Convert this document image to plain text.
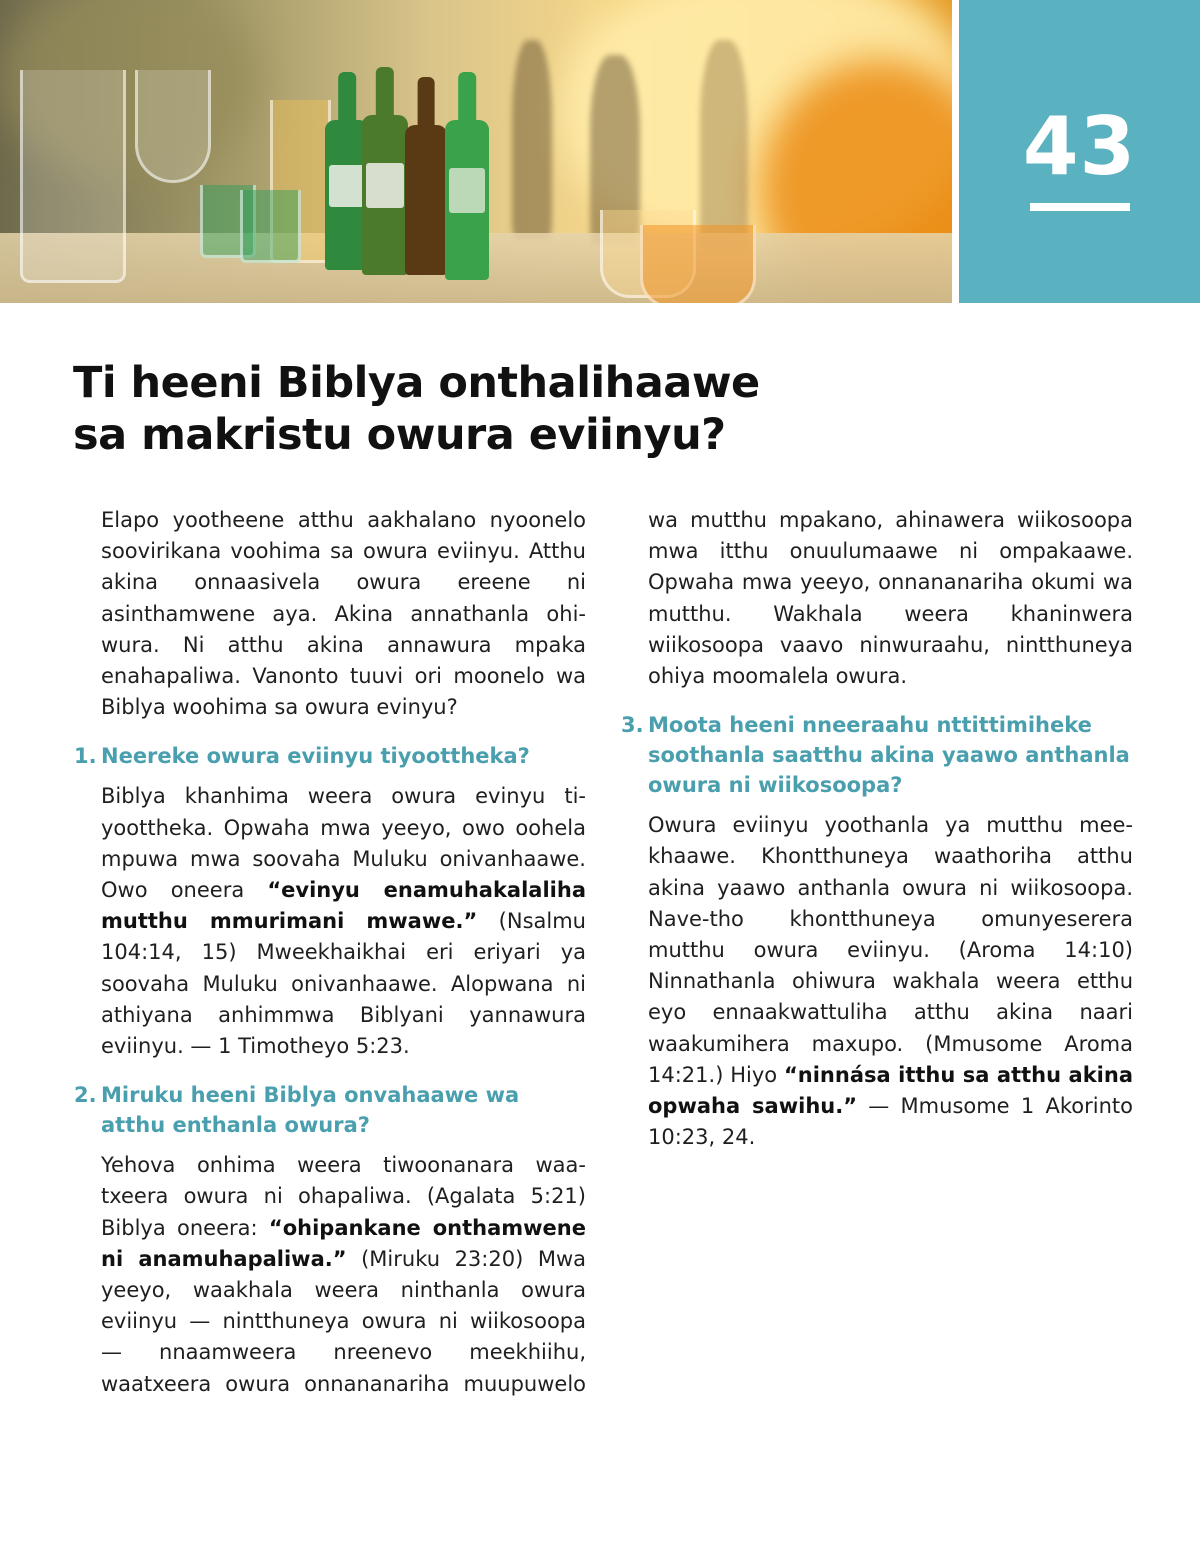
43
Ti heeni Biblya onthalihaawe
sa makristu owura eviinyu?

Elapo yootheene atthu aakhalano nyoonelo soovirikana voohima sa owura eviinyu. Atthu akina onnaasivela owura ereene ni asinthamwene aya. Akina annathanla ohiwura. Ni atthu akina annawura mpaka enahapaliwa. Vanonto tuuvi ori moonelo wa Biblya woohima sa owura evinyu?

1. Neereke owura eviinyu tiyoottheka?

Biblya khanhima weera owura evinyu tiyoottheka. Opwaha mwa yeeyo, owo oohela mpuwa mwa soovaha Muluku onivanhaawe. Owo oneera “evinyu enamuhakalaliha mutthu mmurimani mwawe.” (Nsalmu 104:14, 15) Mweekhaikhai eri eriyari ya soovaha Muluku onivanhaawe. Alopwana ni athiyana anhimmwa Biblyani yannawura eviinyu. — 1 Timotheyo 5:23.

2. Miruku heeni Biblya onvahaawe wa atthu enthanla owura?

Yehova onhima weera tiwoonanara waatxeera owura ni ohapaliwa. (Agalata 5:21) Biblya oneera: “ohipankane onthamwene ni anamuhapaliwa.” (Miruku 23:20) Mwa yeeyo, waakhala weera ninthanla owura eviinyu — nintthuneya owura ni wiikosoopa — nnaamweera nreenevo meekhiihu, waatxeera owura onnananariha muupuwelo wa mutthu mpakano, ahinawera wiikosoopa mwa itthu onuulumaawe ni ompakaawe. Opwaha mwa yeeyo, onnananariha okumi wa mutthu. Wakhala weera khaninwera wiikosoopa vaavo ninwuraahu, nintthuneya ohiya moomalela owura.

3. Moota heeni nneeraahu nttittimiheke soothanla saatthu akina yaawo anthanla owura ni wiikosoopa?

Owura eviinyu yoothanla ya mutthu meekhaawe. Khontthuneya waathoriha atthu akina yaawo anthanla owura ni wiikosoopa. Nave-tho khontthuneya omunyeserera mutthu owura eviinyu. (Aroma 14:10) Ninnathanla ohiwura wakhala weera etthu eyo ennaakwattuliha atthu akina naari waakumihera maxupo. (Mmusome Aroma 14:21.) Hiyo “ninnása itthu sa atthu akina opwaha sawihu.” — Mmusome 1 Akorinto 10:23, 24.
